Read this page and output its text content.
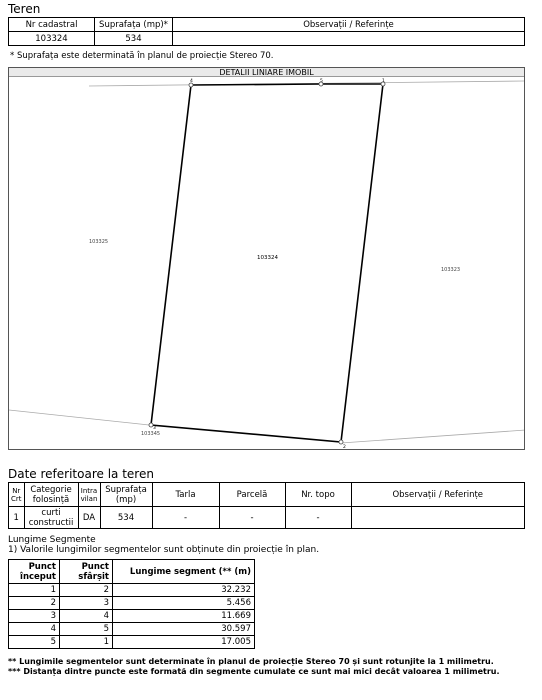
Teren
Nr cadastral	Suprafața (mp)*	Observații / Referințe
103324	534	
* Suprafața este determinată în planul de proiecție Stereo 70.
DETALII LINIARE IMOBIL
1
2
3
4	5
103324
103325
103323
103345
Date referitoare la teren
Nr Crt	Categorie folosință	Intra vilan	Suprafața (mp)	Tarla	Parcelă	Nr. topo	Observații / Referințe
1	curti constructii	DA	534	-	-	-	
Lungime Segmente
1) Valorile lungimilor segmentelor sunt obținute din proiecție în plan.
Punct început	Punct sfârșit	Lungime segment (** (m)
1	2	32.232
2	3	5.456
3	4	11.669
4	5	30.597
5	1	17.005
** Lungimile segmentelor sunt determinate în planul de proiecție Stereo 70 și sunt rotunjite la 1 milimetru.
*** Distanța dintre puncte este formată din segmente cumulate ce sunt mai mici decât valoarea 1 milimetru.
